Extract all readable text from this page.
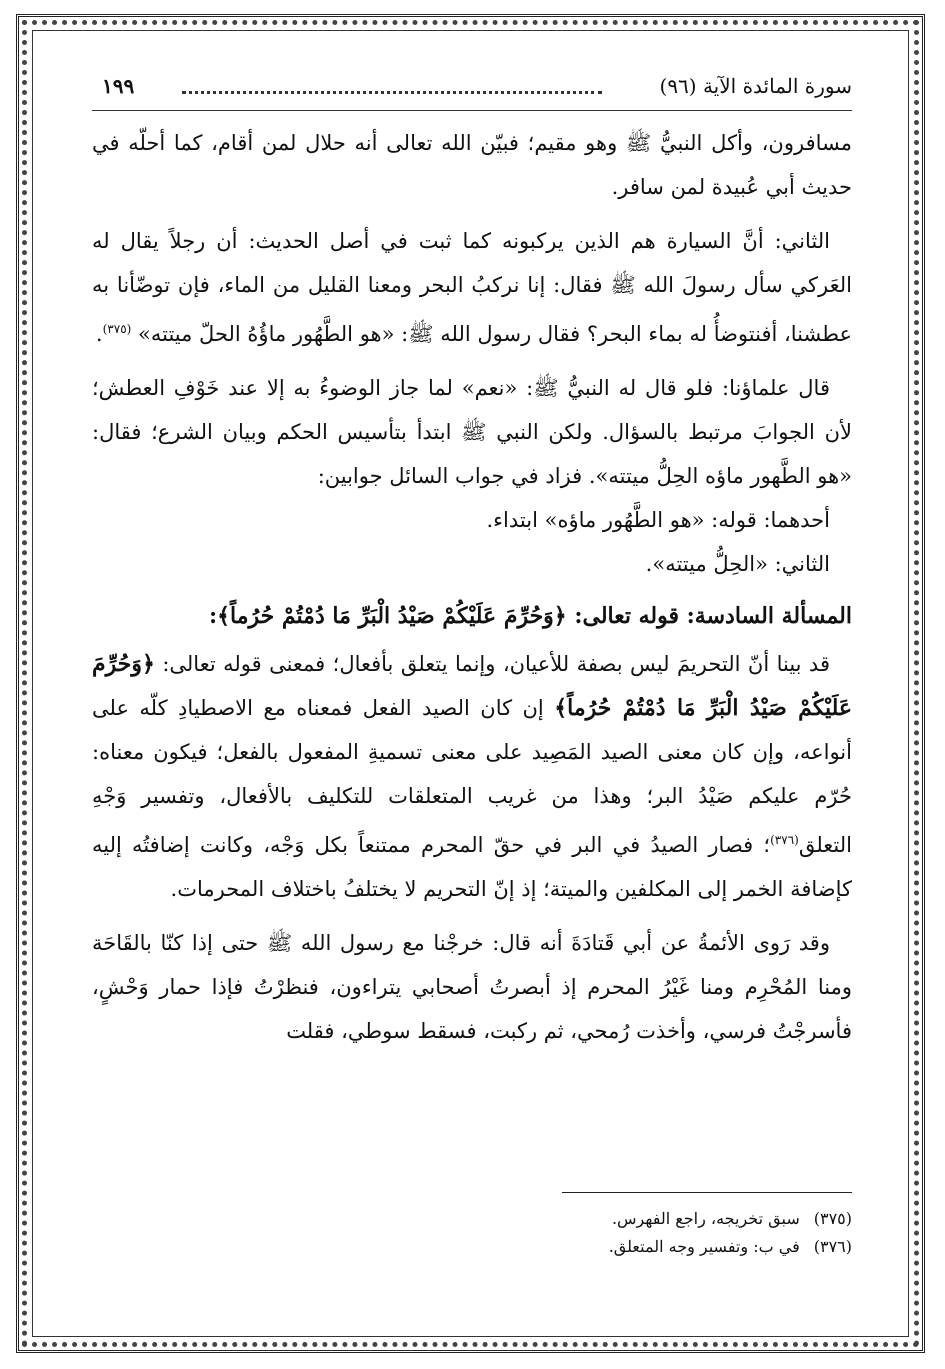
سورة المائدة الآية (٩٦)
١٩٩

مسافرون، وأكل النبيُّ ﷺ وهو مقيم؛ فبيّن الله تعالى أنه حلال لمن أقام، كما أحلّه في حديث أبي عُبيدة لمن سافر.

الثاني: أنَّ السيارة هم الذين يركبونه كما ثبت في أصل الحديث: أن رجلاً يقال له العَركي سأل رسولَ الله ﷺ فقال: إنا نركبُ البحر ومعنا القليل من الماء، فإن توضّأنا به عطشنا، أفنتوضأُ له بماء البحر؟ فقال رسول الله ﷺ: «هو الطَّهُور ماؤُهُ الحلّ ميتته» $^{(٣٧٥)}$.

قال علماؤنا: فلو قال له النبيُّ ﷺ: «نعم» لما جاز الوضوءُ به إلا عند خَوْفِ العطش؛ لأن الجوابَ مرتبط بالسؤال. ولكن النبي ﷺ ابتدأ بتأسيس الحكم وبيان الشرع؛ فقال: «هو الطَّهور ماؤه الحِلُّ ميتته». فزاد في جواب السائل جوابين:

أحدهما: قوله: «هو الطَّهُور ماؤه» ابتداء.

الثاني: «الحِلُّ ميتته».

المسألة السادسة: قوله تعالى: ﴿وَحُرِّمَ عَلَيْكُمْ صَيْدُ الْبَرِّ مَا دُمْتُمْ حُرُماً﴾:

قد بينا أنّ التحريمَ ليس بصفة للأعيان، وإنما يتعلق بأفعال؛ فمعنى قوله تعالى: ﴿وَحُرِّمَ عَلَيْكُمْ صَيْدُ الْبَرِّ مَا دُمْتُمْ حُرُماً﴾ إن كان الصيد الفعل فمعناه مع الاصطيادِ كلّه على أنواعه، وإن كان معنى الصيد المَصِيد على معنى تسميةِ المفعول بالفعل؛ فيكون معناه: حُرّم عليكم صَيْدُ البر؛ وهذا من غريب المتعلقات للتكليف بالأفعال، وتفسير وَجْهِ التعلق$^{(٣٧٦)}$؛ فصار الصيدُ في البر في حقّ المحرم ممتنعاً بكل وَجْه، وكانت إضافتُه إليه كإضافة الخمر إلى المكلفين والميتة؛ إذ إنّ التحريم لا يختلفُ باختلاف المحرمات.

وقد رَوى الأئمةُ عن أبي قَتادَةَ أنه قال: خرجْنا مع رسول الله ﷺ حتى إذا كنّا بالقَاحَة ومنا المُحْرِم ومنا غَيْرُ المحرم إذ أبصرتُ أصحابي يتراءون، فنظرْتُ فإذا حمار وَحْشٍ، فأسرجْتُ فرسي، وأخذت رُمحي، ثم ركبت، فسقط سوطي، فقلت

(٣٧٥)سبق تخريجه، راجع الفهرس.
(٣٧٦)في ب: وتفسير وجه المتعلق.
